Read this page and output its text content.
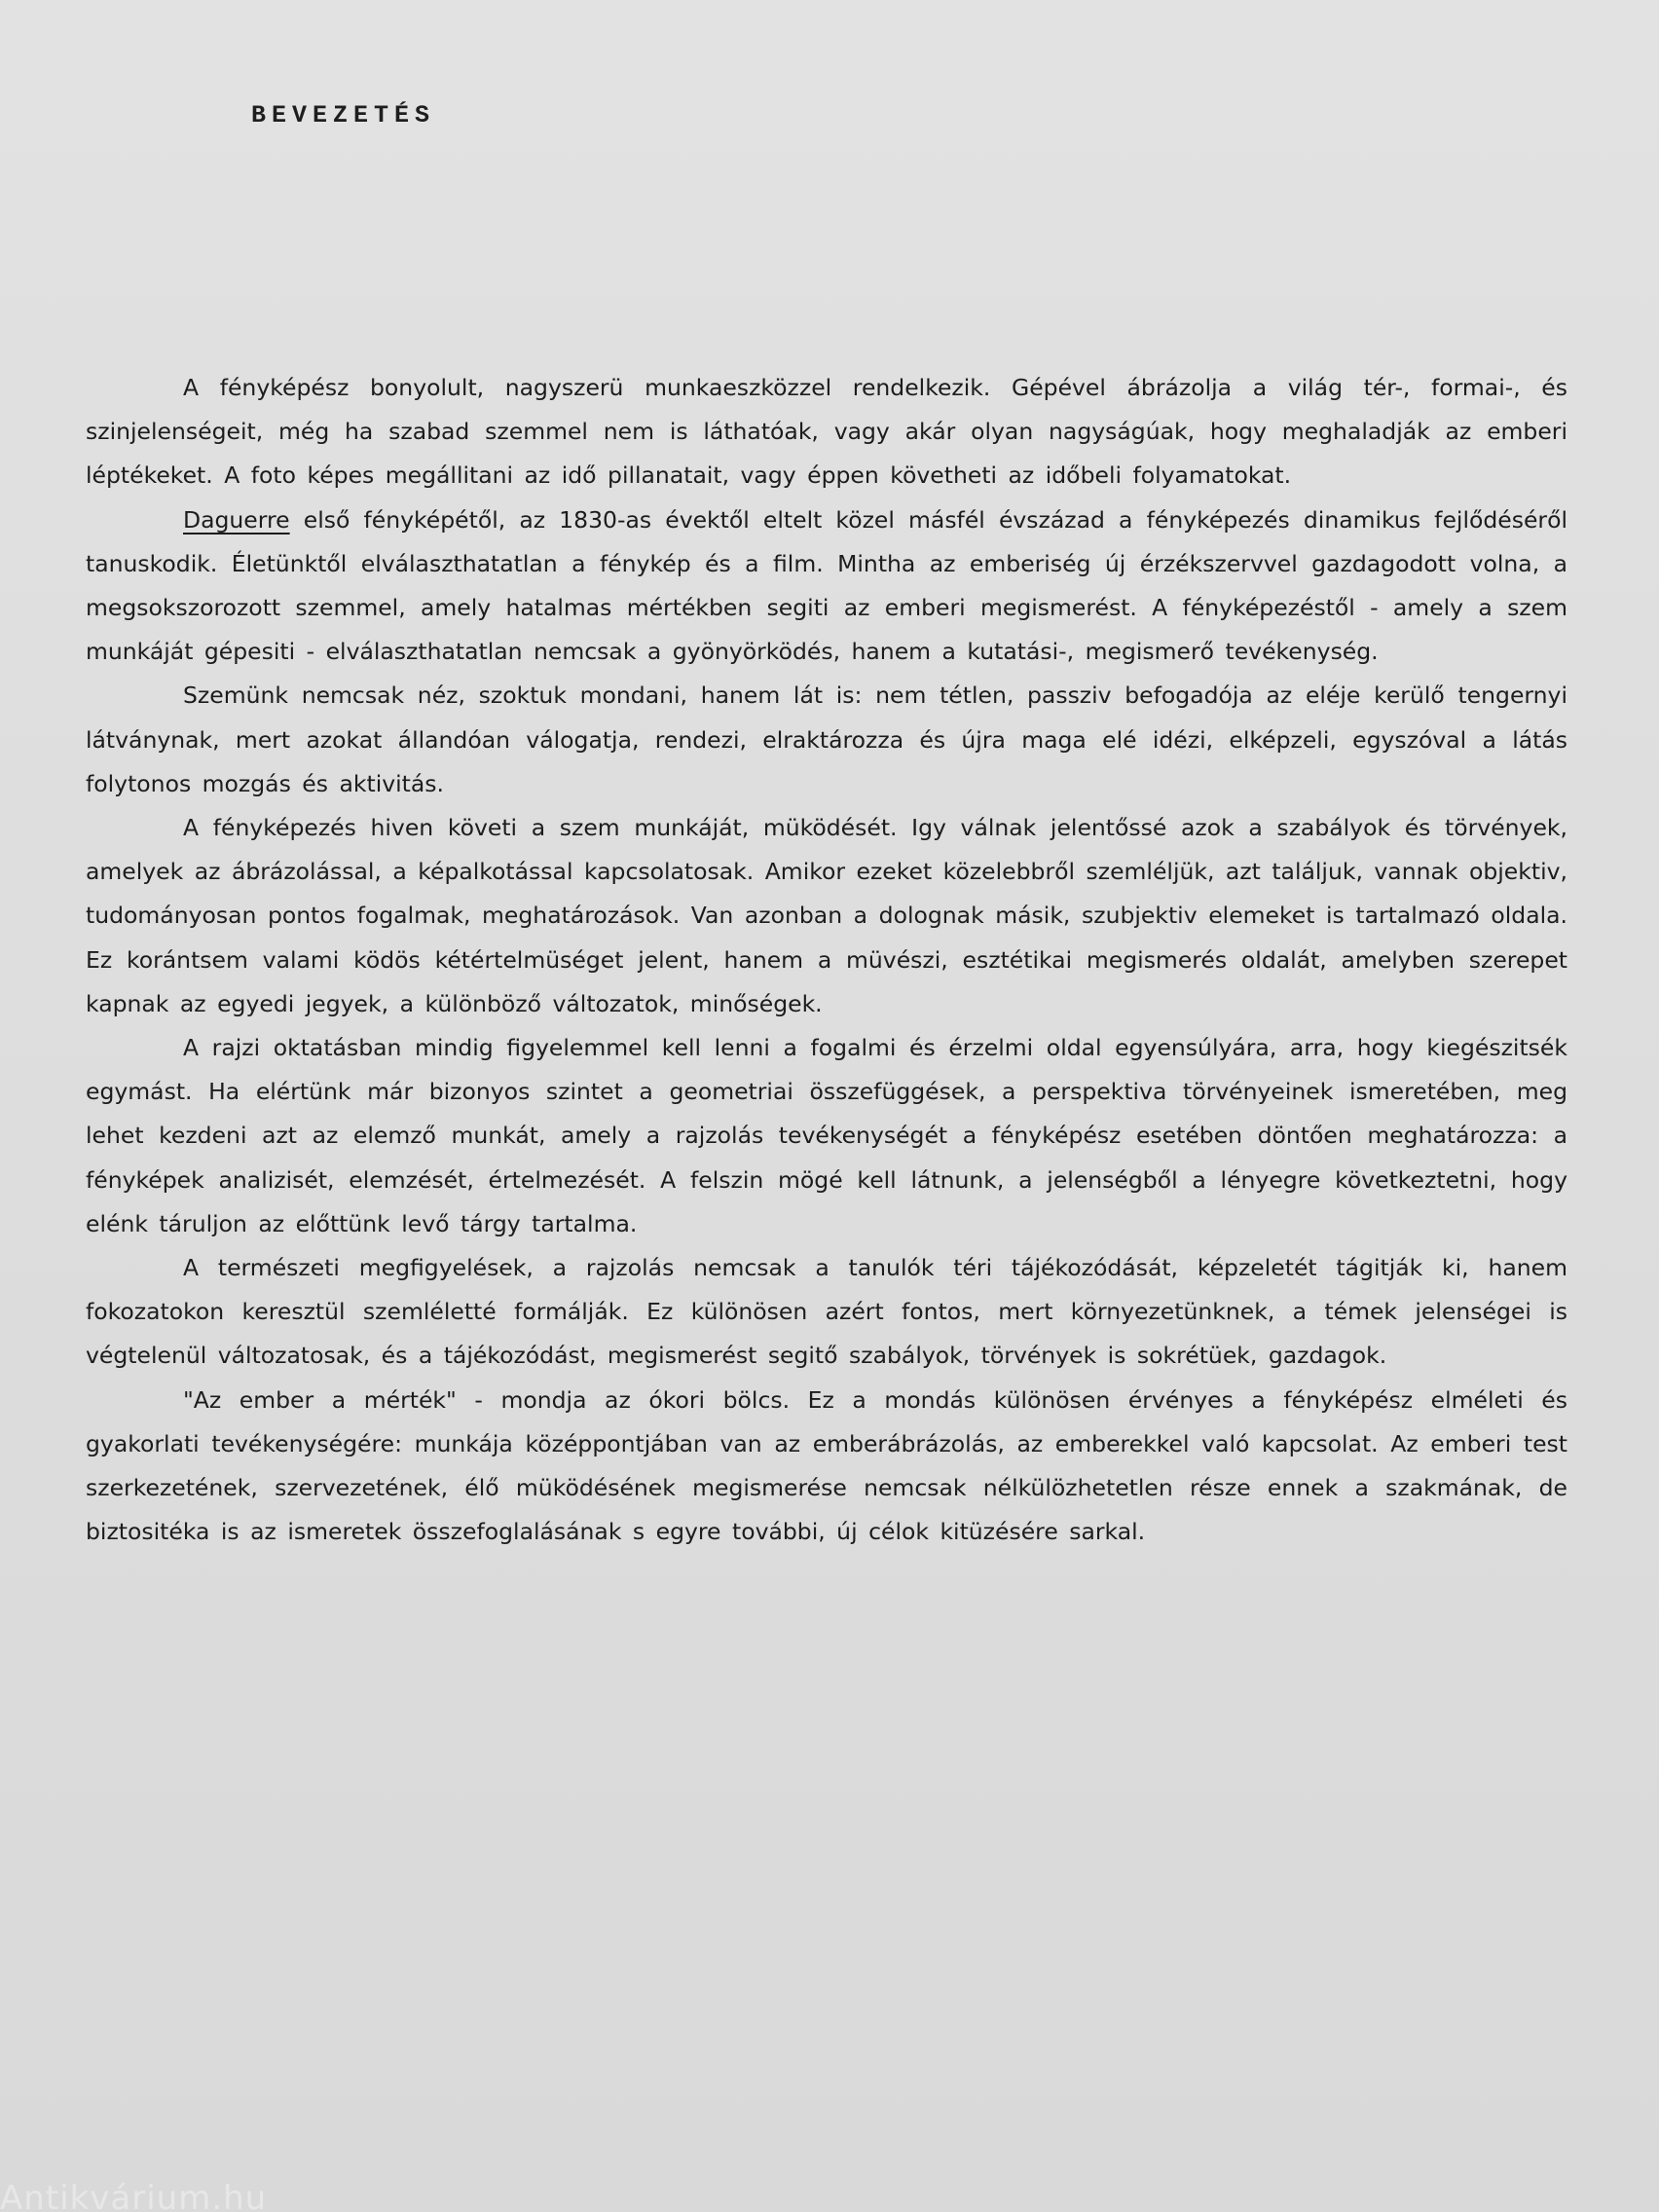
BEVEZETÉS

A fényképész bonyolult, nagyszerü munkaeszközzel rendelkezik. Gépével ábrázolja a világ tér-, formai-, és szinjelenségeit, még ha szabad szemmel nem is láthatóak, vagy akár olyan nagyságúak, hogy meghaladják az emberi léptékeket. A foto képes megállitani az idő pillanatait, vagy éppen követheti az időbeli folyamatokat.

Daguerre első fényképétől, az 1830-as évektől eltelt közel másfél évszázad a fényképezés dinamikus fejlődéséről tanuskodik. Életünktől elválaszthatatlan a fénykép és a film. Mintha az emberiség új érzékszervvel gazdagodott volna, a megsokszorozott szemmel, amely hatalmas mértékben segiti az emberi megismerést. A fényképezéstől - amely a szem munkáját gépesiti - elválaszthatatlan nemcsak a gyönyörködés, hanem a kutatási-, megismerő tevékenység.

Szemünk nemcsak néz, szoktuk mondani, hanem lát is: nem tétlen, passziv befogadója az eléje kerülő tengernyi látványnak, mert azokat állandóan válogatja, rendezi, elraktározza és újra maga elé idézi, elképzeli, egyszóval a látás folytonos mozgás és aktivitás.

A fényképezés hiven követi a szem munkáját, müködését. Igy válnak jelentőssé azok a szabályok és törvények, amelyek az ábrázolással, a képalkotással kapcsolatosak. Amikor ezeket közelebbről szemléljük, azt találjuk, vannak objektiv, tudományosan pontos fogalmak, meghatározások. Van azonban a dolognak másik, szubjektiv elemeket is tartalmazó oldala. Ez korántsem valami ködös kétértelmüséget jelent, hanem a müvészi, esztétikai megismerés oldalát, amelyben szerepet kapnak az egyedi jegyek, a különböző változatok, minőségek.

A rajzi oktatásban mindig figyelemmel kell lenni a fogalmi és érzelmi oldal egyensúlyára, arra, hogy kiegészitsék egymást. Ha elértünk már bizonyos szintet a geometriai összefüggések, a perspektiva törvényeinek ismeretében, meg lehet kezdeni azt az elemző munkát, amely a rajzolás tevékenységét a fényképész esetében döntően meghatározza: a fényképek analizisét, elemzését, értelmezését. A felszin mögé kell látnunk, a jelenségből a lényegre következtetni, hogy elénk táruljon az előttünk levő tárgy tartalma.

A természeti megfigyelések, a rajzolás nemcsak a tanulók téri tájékozódását, képzeletét tágitják ki, hanem fokozatokon keresztül szemléletté formálják. Ez különösen azért fontos, mert környezetünknek, a témek jelenségei is végtelenül változatosak, és a tájékozódást, megismerést segitő szabályok, törvények is sokrétüek, gazdagok.

"Az ember a mérték" - mondja az ókori bölcs. Ez a mondás különösen érvényes a fényképész elméleti és gyakorlati tevékenységére: munkája középpontjában van az emberábrázolás, az emberekkel való kapcsolat. Az emberi test szerkezetének, szervezetének, élő müködésének megismerése nemcsak nélkülözhetetlen része ennek a szakmának, de biztositéka is az ismeretek összefoglalásának s egyre további, új célok kitüzésére sarkal.

Antikvárium.hu
